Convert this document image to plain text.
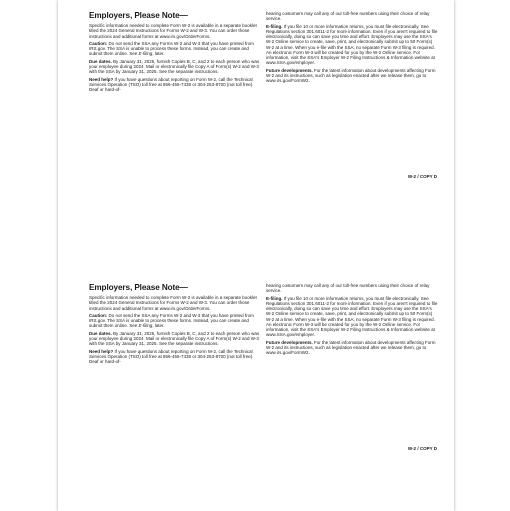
Employers, Please Note—

Specific information needed to complete Form W-2 is available in a separate booklet titled the 2024 General Instructions for Forms W-2 and W-3. You can order those instructions and additional forms at www.irs.gov/OrderForms.

Caution: Do not send the SSA any Forms W-2 and W-3 that you have printed from IRS.gov. The SSA is unable to process these forms. Instead, you can create and submit them online. See E-filing, later.

Due dates. By January 31, 2025, furnish Copies B, C, and 2 to each person who was your employee during 2024. Mail or electronically file Copy A of Form(s) W-2 and W-3 with the SSA by January 31, 2025. See the separate instructions.

Need help? If you have questions about reporting on Form W-2, call the Technical Services Operation (TSO) toll free at 866-455-7438 or 304-263-8700 (not toll free). Deaf or hard-of-

hearing customers may call any of our toll-free numbers using their choice of relay service.

E-filing. If you file 10 or more information returns, you must file electronically. See Regulations section 301.6011-2 for more information. Even if you aren't required to file electronically, doing so can save you time and effort. Employers may use the SSA's W-2 Online service to create, save, print, and electronically submit up to 50 Form(s) W-2 at a time. When you e-file with the SSA, no separate Form W-3 filing is required. An electronic Form W-3 will be created for you by the W-2 Online service. For information, visit the SSA's Employer W-2 Filing Instructions & Information website at www.SSA.gov/employer.

Future developments. For the latest information about developments affecting Form W-2 and its instructions, such as legislation enacted after we release them, go to www.irs.gov/FormW2.

W-2 / COPY D
Employers, Please Note—

Specific information needed to complete Form W-2 is available in a separate booklet titled the 2024 General Instructions for Forms W-2 and W-3. You can order those instructions and additional forms at www.irs.gov/OrderForms.

Caution: Do not send the SSA any Forms W-2 and W-3 that you have printed from IRS.gov. The SSA is unable to process these forms. Instead, you can create and submit them online. See E-filing, later.

Due dates. By January 31, 2025, furnish Copies B, C, and 2 to each person who was your employee during 2024. Mail or electronically file Copy A of Form(s) W-2 and W-3 with the SSA by January 31, 2025. See the separate instructions.

Need help? If you have questions about reporting on Form W-2, call the Technical Services Operation (TSO) toll free at 866-455-7438 or 304-263-8700 (not toll free). Deaf or hard-of-

hearing customers may call any of our toll-free numbers using their choice of relay service.

E-filing. If you file 10 or more information returns, you must file electronically. See Regulations section 301.6011-2 for more information. Even if you aren't required to file electronically, doing so can save you time and effort. Employers may use the SSA's W-2 Online service to create, save, print, and electronically submit up to 50 Form(s) W-2 at a time. When you e-file with the SSA, no separate Form W-3 filing is required. An electronic Form W-3 will be created for you by the W-2 Online service. For information, visit the SSA's Employer W-2 Filing Instructions & Information website at www.SSA.gov/employer.

Future developments. For the latest information about developments affecting Form W-2 and its instructions, such as legislation enacted after we release them, go to www.irs.gov/FormW2.

W-2 / COPY D
